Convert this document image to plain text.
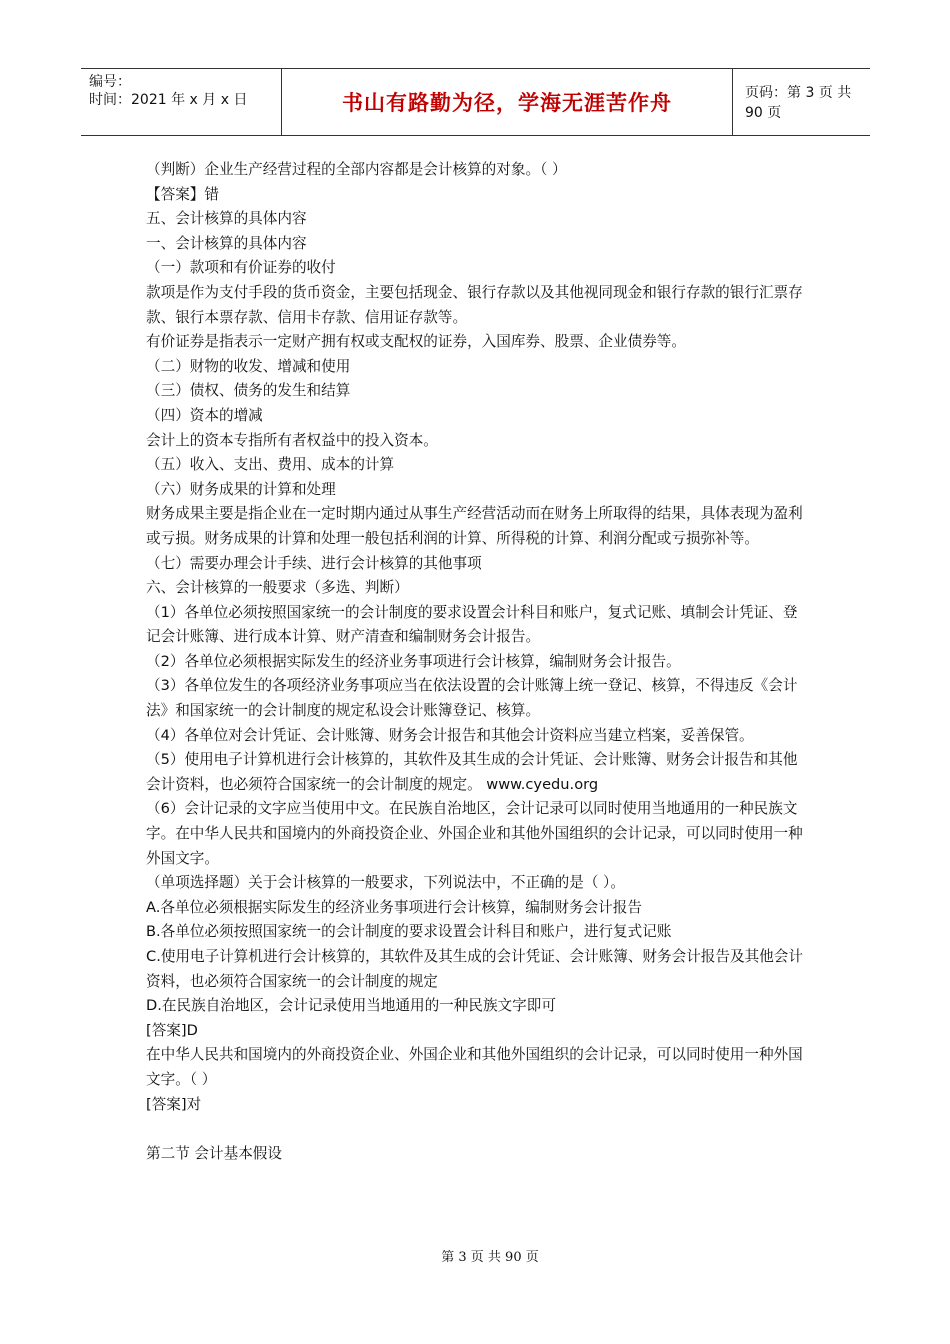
编号：
时间：2021 年 x 月 x 日	书山有路勤为径，学海无涯苦作舟	页码：第 3 页 共 90 页

（判断）企业生产经营过程的全部内容都是会计核算的对象。（ ）

【答案】错

五、会计核算的具体内容

一、会计核算的具体内容

（一）款项和有价证券的收付

款项是作为支付手段的货币资金，主要包括现金、银行存款以及其他视同现金和银行存款的银行汇票存款、银行本票存款、信用卡存款、信用证存款等。

有价证券是指表示一定财产拥有权或支配权的证券，入国库券、股票、企业债券等。

（二）财物的收发、增减和使用

（三）债权、债务的发生和结算

（四）资本的增减

会计上的资本专指所有者权益中的投入资本。

（五）收入、支出、费用、成本的计算

（六）财务成果的计算和处理

财务成果主要是指企业在一定时期内通过从事生产经营活动而在财务上所取得的结果，具体表现为盈利或亏损。财务成果的计算和处理一般包括利润的计算、所得税的计算、利润分配或亏损弥补等。

（七）需要办理会计手续、进行会计核算的其他事项

六、会计核算的一般要求（多选、判断）

（1）各单位必须按照国家统一的会计制度的要求设置会计科目和账户，复式记账、填制会计凭证、登记会计账簿、进行成本计算、财产清查和编制财务会计报告。

（2）各单位必须根据实际发生的经济业务事项进行会计核算，编制财务会计报告。

（3）各单位发生的各项经济业务事项应当在依法设置的会计账簿上统一登记、核算，不得违反《会计法》和国家统一的会计制度的规定私设会计账簿登记、核算。

（4）各单位对会计凭证、会计账簿、财务会计报告和其他会计资料应当建立档案，妥善保管。

（5）使用电子计算机进行会计核算的，其软件及其生成的会计凭证、会计账簿、财务会计报告和其他会计资料，也必须符合国家统一的会计制度的规定。 www.cyedu.org

（6）会计记录的文字应当使用中文。在民族自治地区，会计记录可以同时使用当地通用的一种民族文字。在中华人民共和国境内的外商投资企业、外国企业和其他外国组织的会计记录，可以同时使用一种外国文字。

（单项选择题）关于会计核算的一般要求，下列说法中，不正确的是（ ）。

A.各单位必须根据实际发生的经济业务事项进行会计核算，编制财务会计报告

B.各单位必须按照国家统一的会计制度的要求设置会计科目和账户，进行复式记账

C.使用电子计算机进行会计核算的，其软件及其生成的会计凭证、会计账簿、财务会计报告及其他会计资料，也必须符合国家统一的会计制度的规定

D.在民族自治地区，会计记录使用当地通用的一种民族文字即可

[答案]D

在中华人民共和国境内的外商投资企业、外国企业和其他外国组织的会计记录，可以同时使用一种外国文字。（ ）

[答案]对

第二节 会计基本假设

第 3 页 共 90 页
